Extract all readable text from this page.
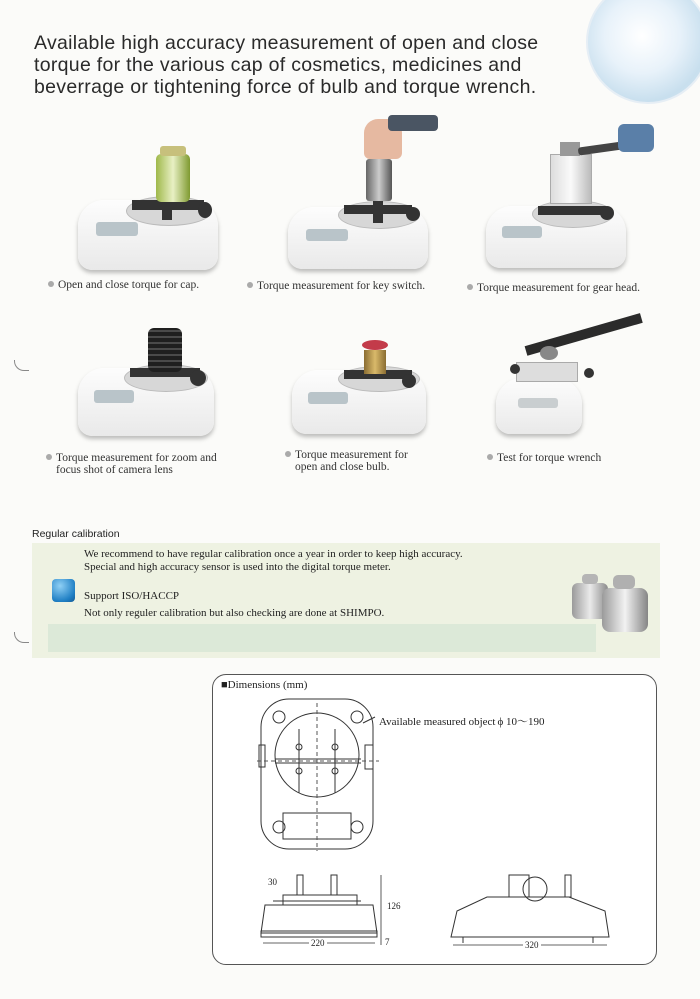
Available high accuracy measurement of open and close
torque for the various cap of cosmetics, medicines and
beverrage or tightening force of bulb and torque wrench.
Open and close torque for cap.	Torque measurement for key switch.	Torque measurement for gear head.
Torque measurement for zoom and
focus shot of camera lens
Torque measurement for
open and close bulb.
Test for torque wrench
Regular calibration
We recommend to have regular calibration once a year in order to keep high accuracy.
Special and high accuracy sensor is used into the digital torque meter.
Support ISO/HACCP
Not only reguler calibration but also checking are done at SHIMPO.
■Dimensions (mm)
Available measured object ϕ 10～190
30
126
7
220	320
